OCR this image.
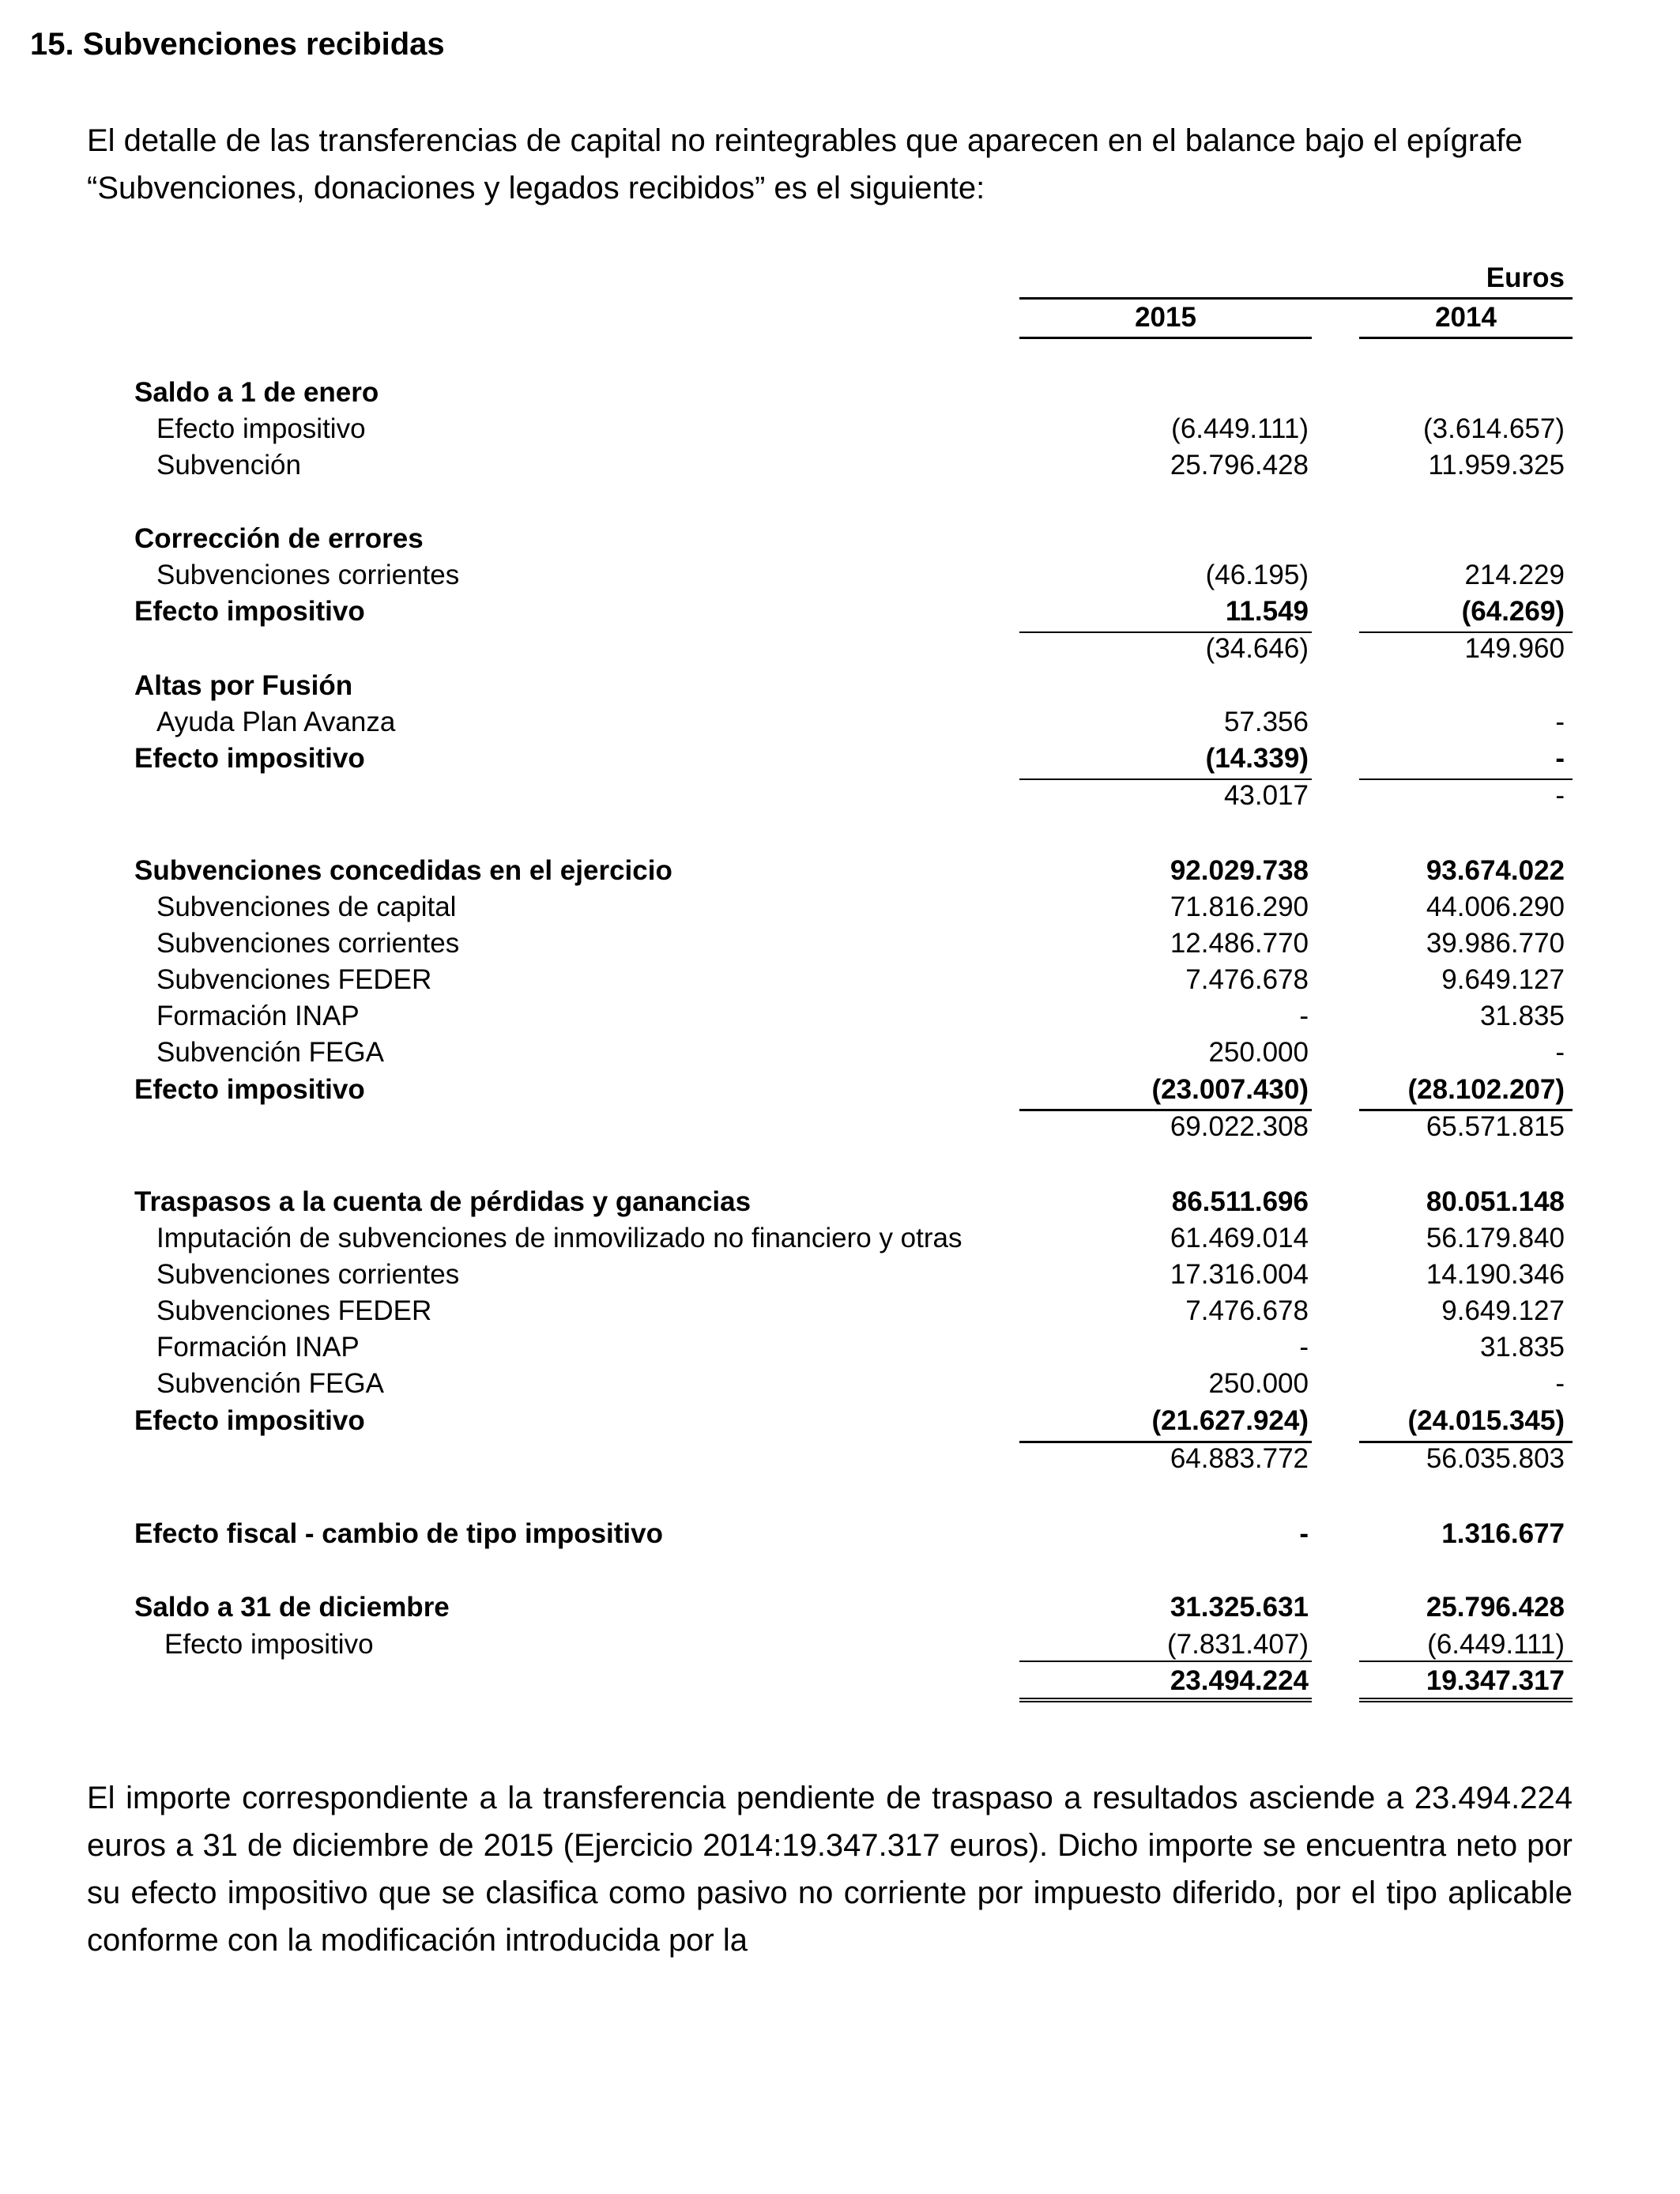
15. Subvenciones recibidas

El detalle de las transferencias de capital no reintegrables que aparecen en el balance bajo el epígrafe “Subvenciones, donaciones y legados recibidos” es el siguiente:

Euros
2015	2014
Saldo a 1 de enero
Efecto impositivo	(6.449.111)	(3.614.657)
Subvención	25.796.428	11.959.325
Corrección de errores
Subvenciones corrientes	(46.195)	214.229
Efecto impositivo	11.549	(64.269)
(34.646)	149.960
Altas por Fusión
Ayuda Plan Avanza	57.356	-
Efecto impositivo	(14.339)	-
43.017	-
Subvenciones concedidas en el ejercicio	92.029.738	93.674.022
Subvenciones de capital	71.816.290	44.006.290
Subvenciones corrientes	12.486.770	39.986.770
Subvenciones FEDER	7.476.678	9.649.127
Formación INAP	-	31.835
Subvención FEGA	250.000	-
Efecto impositivo	(23.007.430)	(28.102.207)
69.022.308	65.571.815
Traspasos a la cuenta de pérdidas y ganancias	86.511.696	80.051.148
Imputación de subvenciones de inmovilizado no financiero y otras	61.469.014	56.179.840
Subvenciones corrientes	17.316.004	14.190.346
Subvenciones FEDER	7.476.678	9.649.127
Formación INAP	-	31.835
Subvención FEGA	250.000	-
Efecto impositivo	(21.627.924)	(24.015.345)
64.883.772	56.035.803
Efecto fiscal - cambio de tipo impositivo	-	1.316.677
Saldo a 31 de diciembre	31.325.631	25.796.428
Efecto impositivo	(7.831.407)	(6.449.111)
23.494.224	19.347.317

El importe correspondiente a la transferencia pendiente de traspaso a resultados asciende a 23.494.224 euros a 31 de diciembre de 2015 (Ejercicio 2014:19.347.317 euros). Dicho importe se encuentra neto por su efecto impositivo que se clasifica como pasivo no corriente por impuesto diferido, por el tipo aplicable conforme con la modificación introducida por la
